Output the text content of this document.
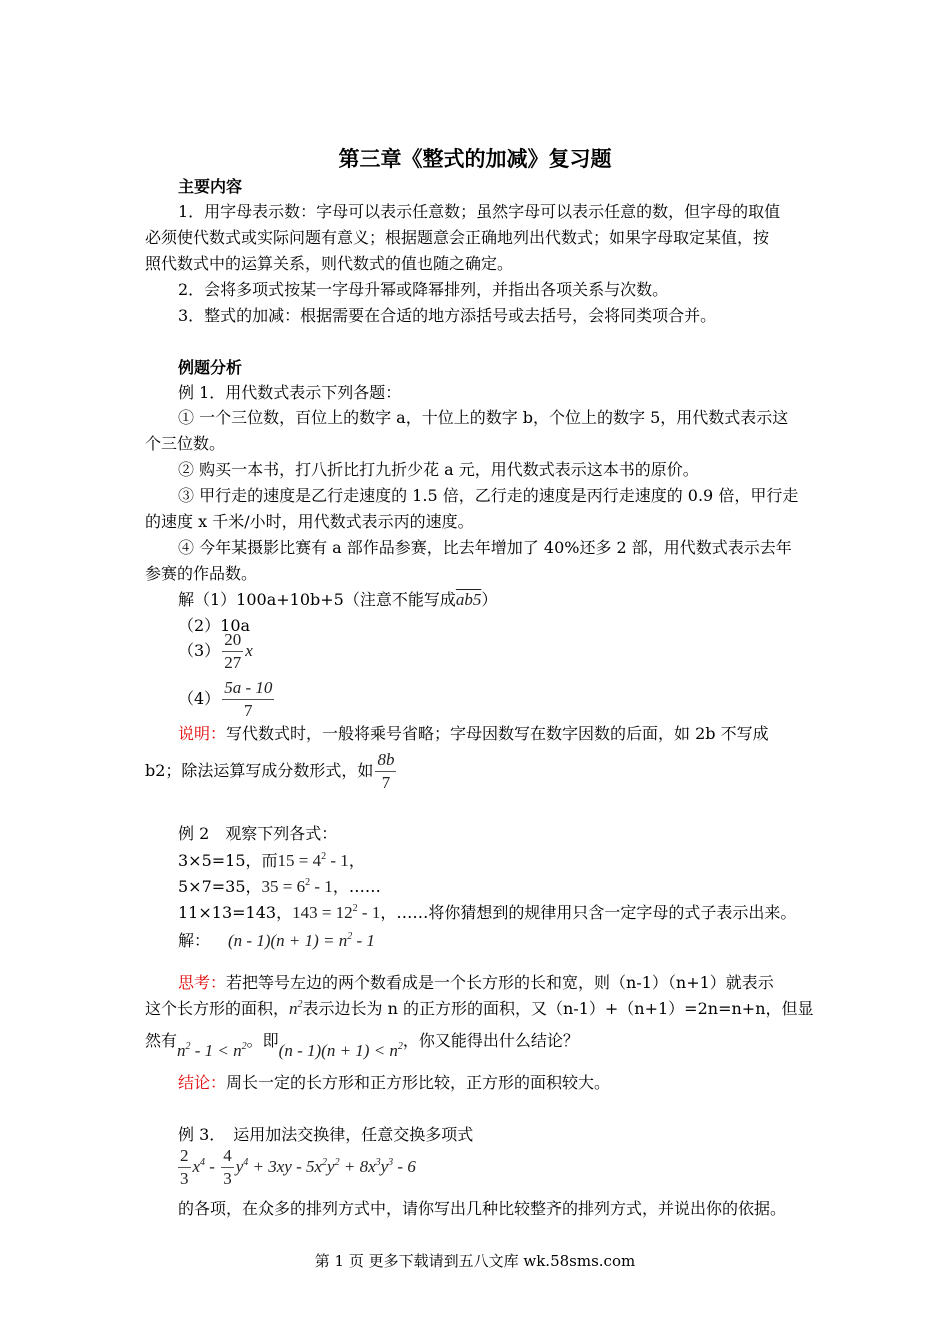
第三章《整式的加减》复习题
主要内容
1．用字母表示数：字母可以表示任意数；虽然字母可以表示任意的数，但字母的取值
必须使代数式或实际问题有意义；根据题意会正确地列出代数式；如果字母取定某值，按
照代数式中的运算关系，则代数式的值也随之确定。
2．会将多项式按某一字母升幂或降幂排列，并指出各项关系与次数。
3．整式的加减：根据需要在合适的地方添括号或去括号，会将同类项合并。
例题分析
例 1．用代数式表示下列各题：
① 一个三位数，百位上的数字 a，十位上的数字 b，个位上的数字 5，用代数式表示这
个三位数。
② 购买一本书，打八折比打九折少花 a 元，用代数式表示这本书的原价。
③ 甲行走的速度是乙行走速度的 1.5 倍，乙行走的速度是丙行走速度的 0.9 倍，甲行走
的速度 x 千米/小时，用代数式表示丙的速度。
④ 今年某摄影比赛有 a 部作品参赛，比去年增加了 40%还多 2 部，用代数式表示去年
参赛的作品数。
解（1）100a+10b+5（注意不能写成ab5）
（2）10a
$(3) \frac{20}{27}$ x
$(4) \frac{5a - 10}{7}$
说明：写代数式时，一般将乘号省略；字母因数写在数字因数的后面，如 2b 不写成
b2；除法运算写成分数形式，如 $\frac{8b}{7}$
例 2　观察下列各式：
3×5=15，而$15 = 4^2 - 1$，
5×7=35，$35 = 6^2 - 1$，……
11×13=143，$143 = 12^2 - 1$，……将你猜想到的规律用只含一定字母的式子表示出来。
解： $(n - 1)(n + 1) = n^2 - 1$
思考：若把等号左边的两个数看成是一个长方形的长和宽，则（n-1）（n+1）就表示
这个长方形的面积，$n^2$表示边长为 n 的正方形的面积，又（n-1）+（n+1）=2n=n+n，但显
然有$n^2 - 1 < n^2$。即$(n - 1)(n + 1) < n^2$，你又能得出什么结论？
结论：周长一定的长方形和正方形比较，正方形的面积较大。
例 3．　运用加法交换律，任意交换多项式
$\frac{2}{3} x^4 - \frac{4}{3} y^4 + 3xy - 5x^2y^2 + 8x^3y^3 - 6$
的各项，在众多的排列方式中，请你写出几种比较整齐的排列方式，并说出你的依据。
第 1 页 更多下载请到五八文库 wk.58sms.com
